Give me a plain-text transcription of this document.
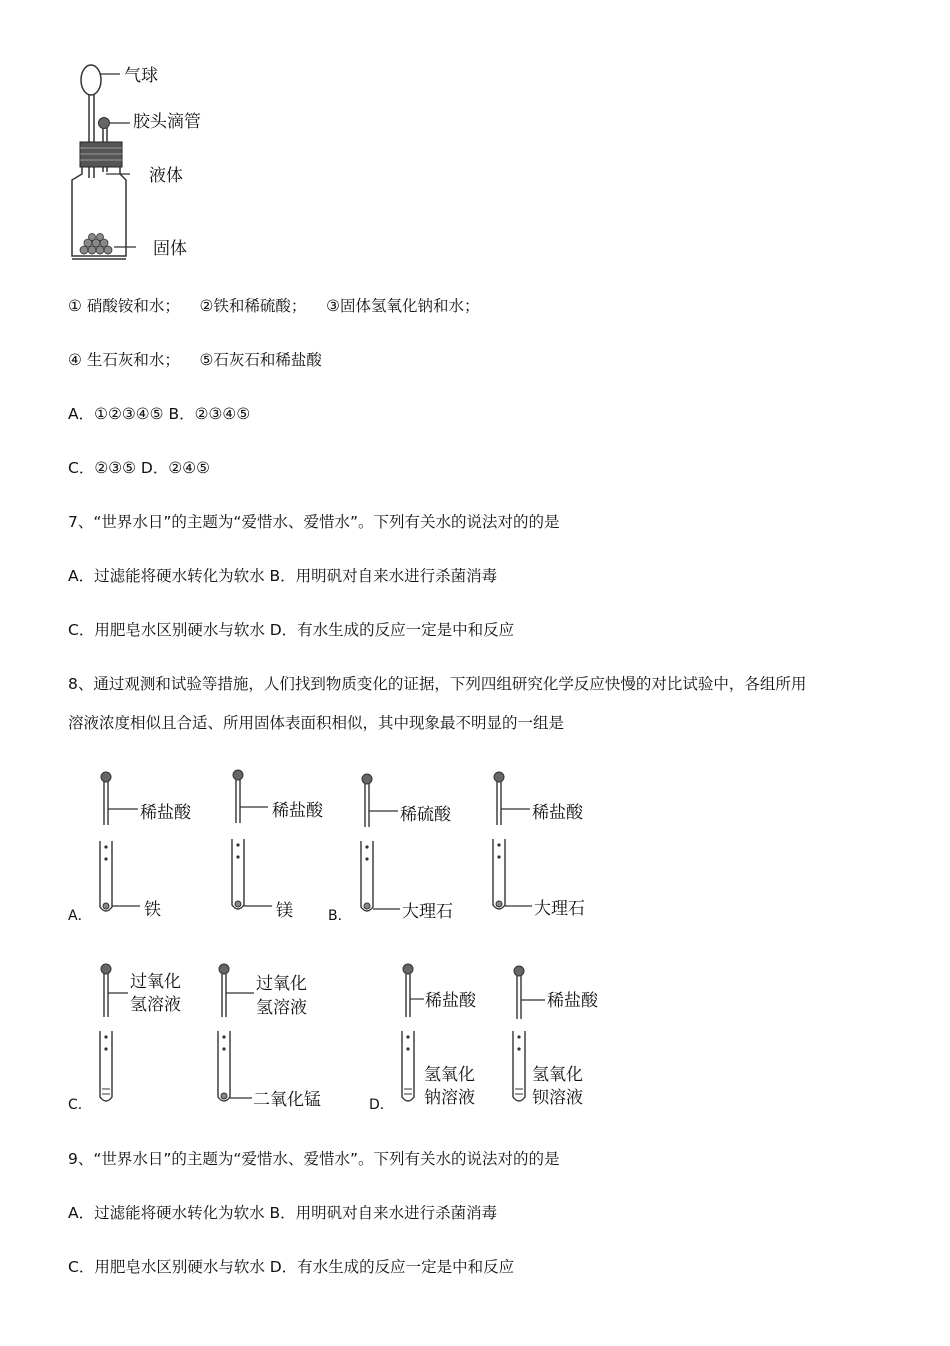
气球
胶头滴管
液体
固体

① 硝酸铵和水；    ②铁和稀硫酸；    ③固体氢氧化钠和水；

④ 生石灰和水；    ⑤石灰石和稀盐酸

A．①②③④⑤ B．②③④⑤

C．②③⑤ D．②④⑤

7、“世界水日”的主题为“爱惜水、爱惜水”。下列有关水的说法对的的是

A．过滤能将硬水转化为软水 B．用明矾对自来水进行杀菌消毒

C．用肥皂水区别硬水与软水 D．有水生成的反应一定是中和反应

8、通过观测和试验等措施，人们找到物质变化的证据，下列四组研究化学反应快慢的对比试验中，各组所用

溶液浓度相似且合适、所用固体表面积相似，其中现象最不明显的一组是

稀盐酸
铁
稀盐酸
镁
稀硫酸
大理石
稀盐酸
大理石
A．	B．
过氧化
氢溶液
过氧化
氢溶液
二氧化锰
稀盐酸
氢氧化
钠溶液
稀盐酸
氢氧化
钡溶液
C．	D．

9、“世界水日”的主题为“爱惜水、爱惜水”。下列有关水的说法对的的是

A．过滤能将硬水转化为软水 B．用明矾对自来水进行杀菌消毒

C．用肥皂水区别硬水与软水 D．有水生成的反应一定是中和反应
